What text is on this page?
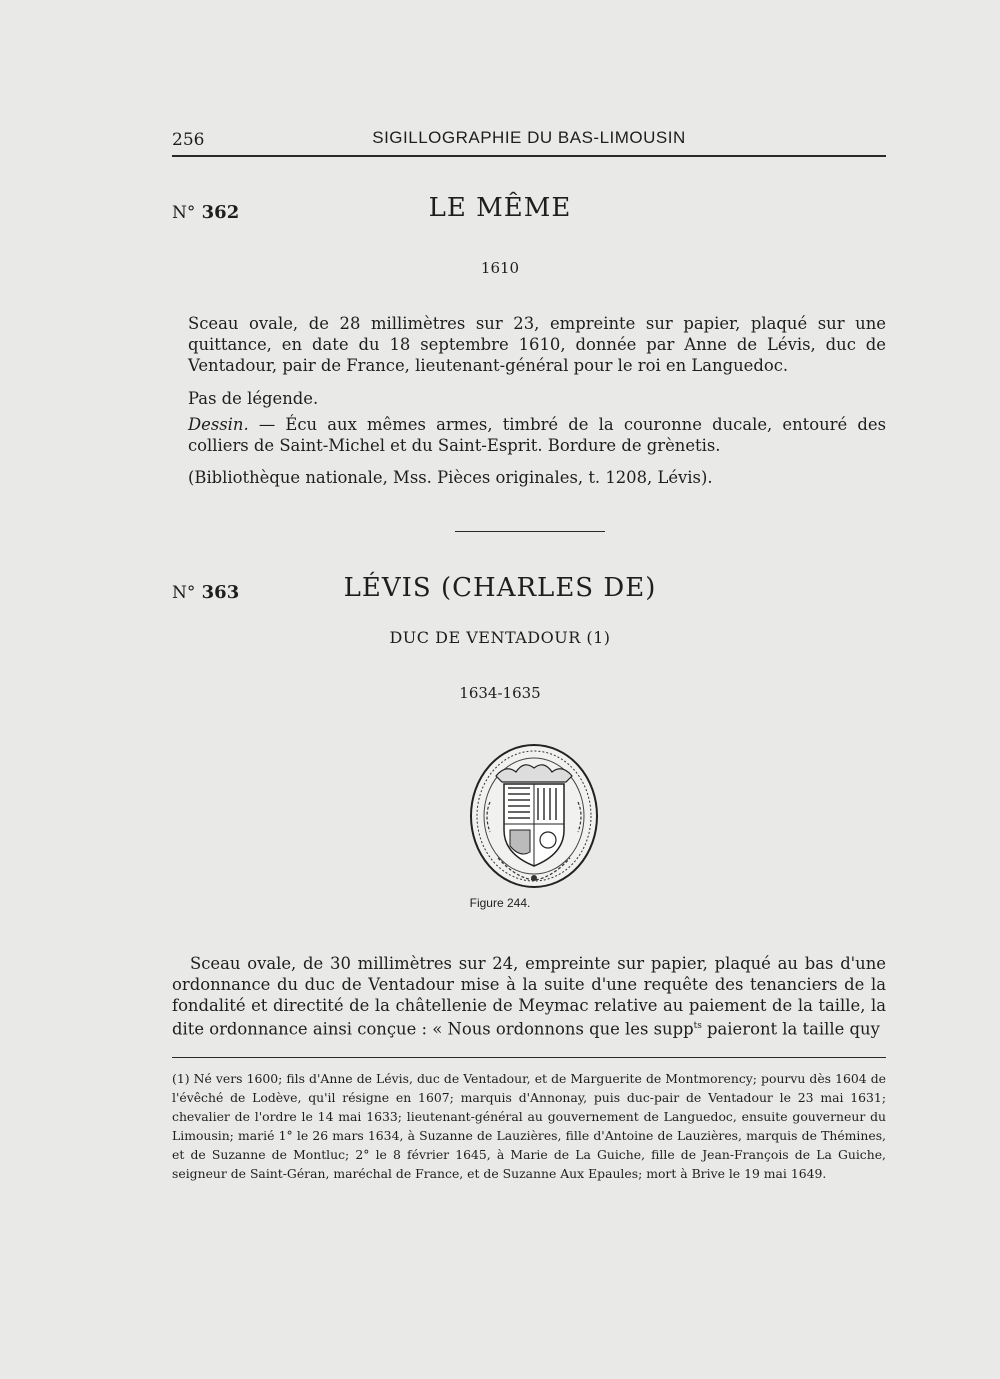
256	SIGILLOGRAPHIE DU BAS-LIMOUSIN
N° 362	LE MÊME
1610

Sceau ovale, de 28 millimètres sur 23, empreinte sur papier, plaqué sur une quittance, en date du 18 septembre 1610, donnée par Anne de Lévis, duc de Ventadour, pair de France, lieutenant-général pour le roi en Languedoc.

Pas de légende.

Dessin. — Écu aux mêmes armes, timbré de la couronne ducale, entouré des colliers de Saint-Michel et du Saint-Esprit. Bordure de grènetis.

(Bibliothèque nationale, Mss. Pièces originales, t. 1208, Lévis).

N° 363	LÉVIS (CHARLES DE)
DUC DE VENTADOUR (1)
1634-1635
Figure 244.

Sceau ovale, de 30 millimètres sur 24, empreinte sur papier, plaqué au bas d'une ordonnance du duc de Ventadour mise à la suite d'une requête des tenanciers de la fondalité et directité de la châtellenie de Meymac relative au paiement de la taille, la dite ordonnance ainsi conçue : « Nous ordonnons que les supp$^{ts}$ paieront la taille quy

(1) Né vers 1600; fils d'Anne de Lévis, duc de Ventadour, et de Marguerite de Montmorency; pourvu dès 1604 de l'évêché de Lodève, qu'il résigne en 1607; marquis d'Annonay, puis duc-pair de Ventadour le 23 mai 1631; chevalier de l'ordre le 14 mai 1633; lieutenant-général au gouvernement de Languedoc, ensuite gouverneur du Limousin; marié 1° le 26 mars 1634, à Suzanne de Lauzières, fille d'Antoine de Lauzières, marquis de Thémines, et de Suzanne de Montluc; 2° le 8 février 1645, à Marie de La Guiche, fille de Jean-François de La Guiche, seigneur de Saint-Géran, maréchal de France, et de Suzanne Aux Epaules; mort à Brive le 19 mai 1649.
